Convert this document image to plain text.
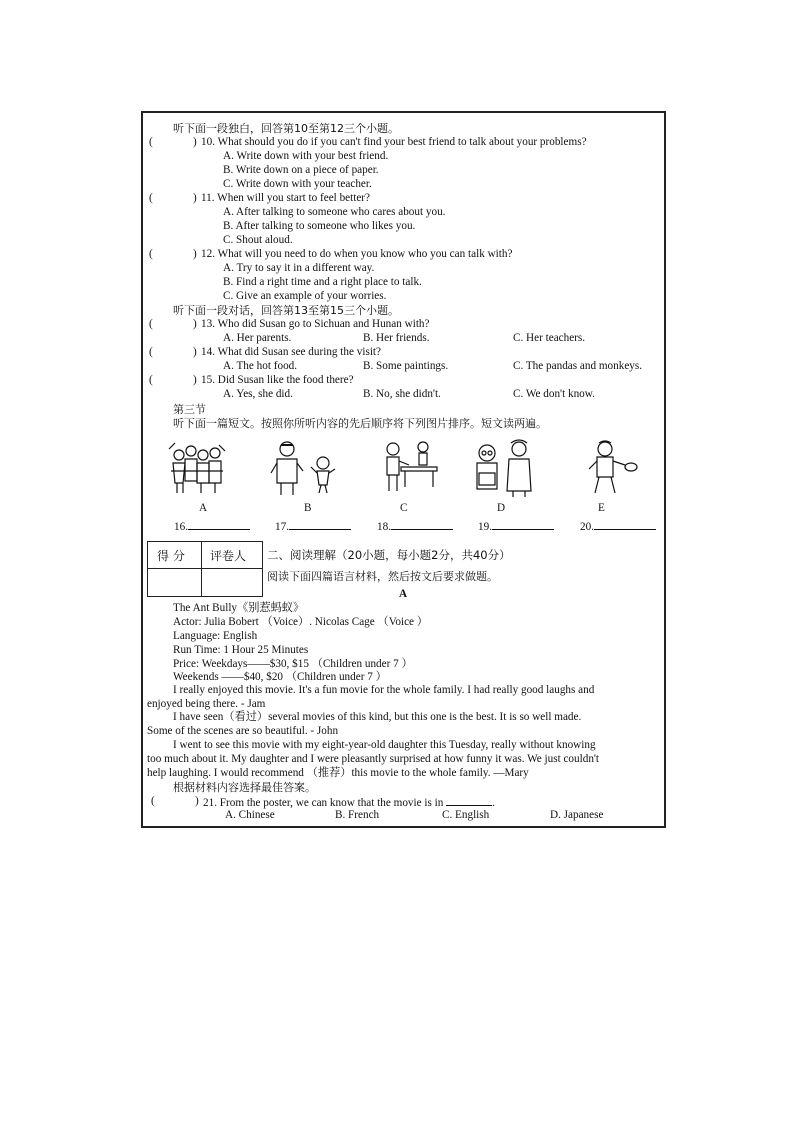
听下面一段独白，回答第10至第12三个小题。
(	) 10. What should you do if you can't find your best friend to talk about your problems?
A. Write down with your best friend.
B. Write down on a piece of paper.
C. Write down with your teacher.
(	) 11. When will you start to feel better?
A. After talking to someone who cares about you.
B. After talking to someone who likes you.
C. Shout aloud.
(	) 12. What will you need to do when you know who you can talk with?
A. Try to say it in a different way.
B. Find a right time and a right place to talk.
C. Give an example of your worries.
听下面一段对话，回答第13至第15三个小题。
(	) 13. Who did Susan go to Sichuan and Hunan with?
A. Her parents.	B. Her friends.	C. Her teachers.
(	) 14. What did Susan see during the visit?
A. The hot food.	B. Some paintings.	C. The pandas and monkeys.
(	) 15. Did Susan like the food there?
A. Yes, she did.	B. No, she didn't.	C. We don't know.
第三节
听下面一篇短文。按照你所听内容的先后顺序将下列图片排序。短文读两遍。
A	B	C	D	E
16.	17.	18.	19.	20.
得 分 评卷人 二、阅读理解（20小题，每小题2分，共40分）
阅读下面四篇语言材料，然后按文后要求做题。
A
The Ant Bully《别惹蚂蚁》
Actor: Julia Bobert （Voice）. Nicolas Cage （Voice ）
Language: English
Run Time: 1 Hour 25 Minutes
Price: Weekdays——$30, $15 （Children under 7 ）
Weekends ——$40, $20 （Children under 7 ）
I really enjoyed this movie. It's a fun movie for the whole family. I had really good laughs and
enjoyed being there. - Jam
I have seen（看过）several movies of this kind, but this one is the best. It is so well made.
Some of the scenes are so beautiful. - John
I went to see this movie with my eight-year-old daughter this Tuesday, really without knowing
too much about it. My daughter and I were pleasantly surprised at how funny it was. We just couldn't
help laughing. I would recommend （推荐）this movie to the whole family. —Mary
根据材料内容选择最佳答案。
(	) 21. From the poster, we can know that the movie is in	.
A. Chinese	B. French	C. English	D. Japanese
